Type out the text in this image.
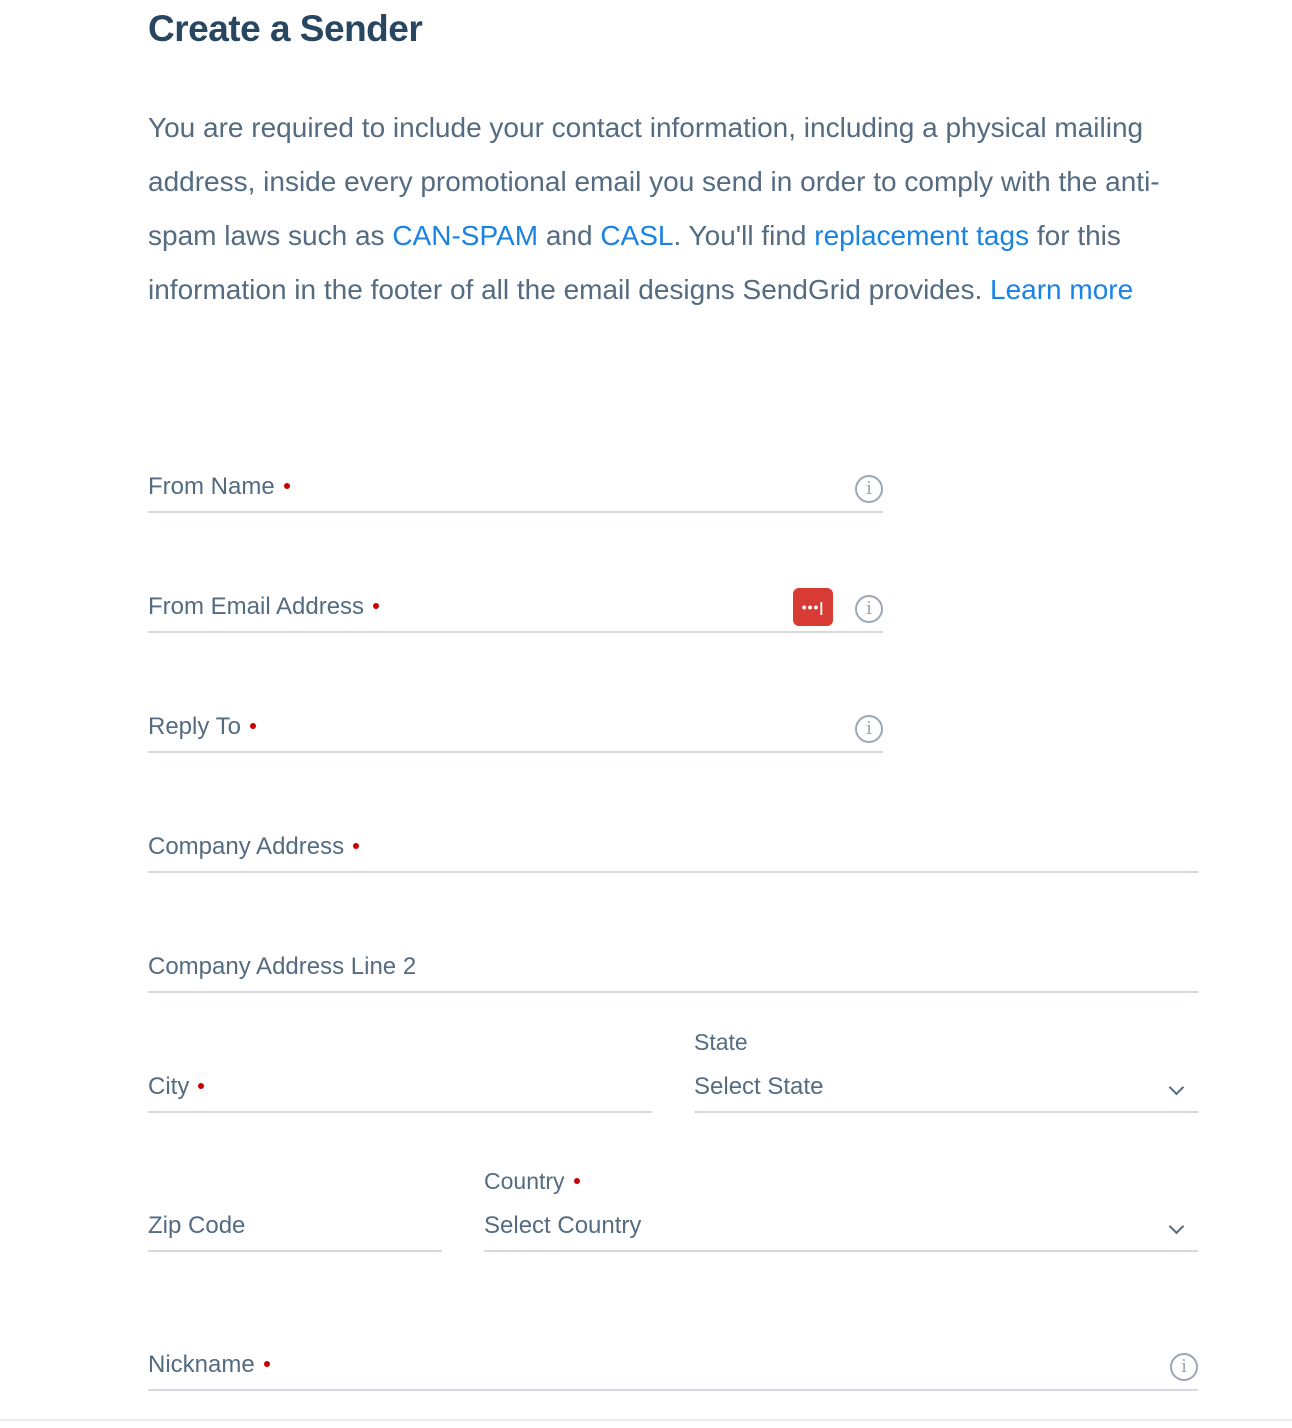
Create a Sender

You are required to include your contact information, including a physical mailing address, inside every promotional email you send in order to comply with the anti-spam laws such as CAN-SPAM and CASL. You'll find replacement tags for this information in the footer of all the email designs SendGrid provides. Learn more

From Name	i
From Email Address	•••|	i
Reply To	i
Company Address
Company Address Line 2
City
State
Select State
Zip Code
Country
Select Country
Nickname	i
